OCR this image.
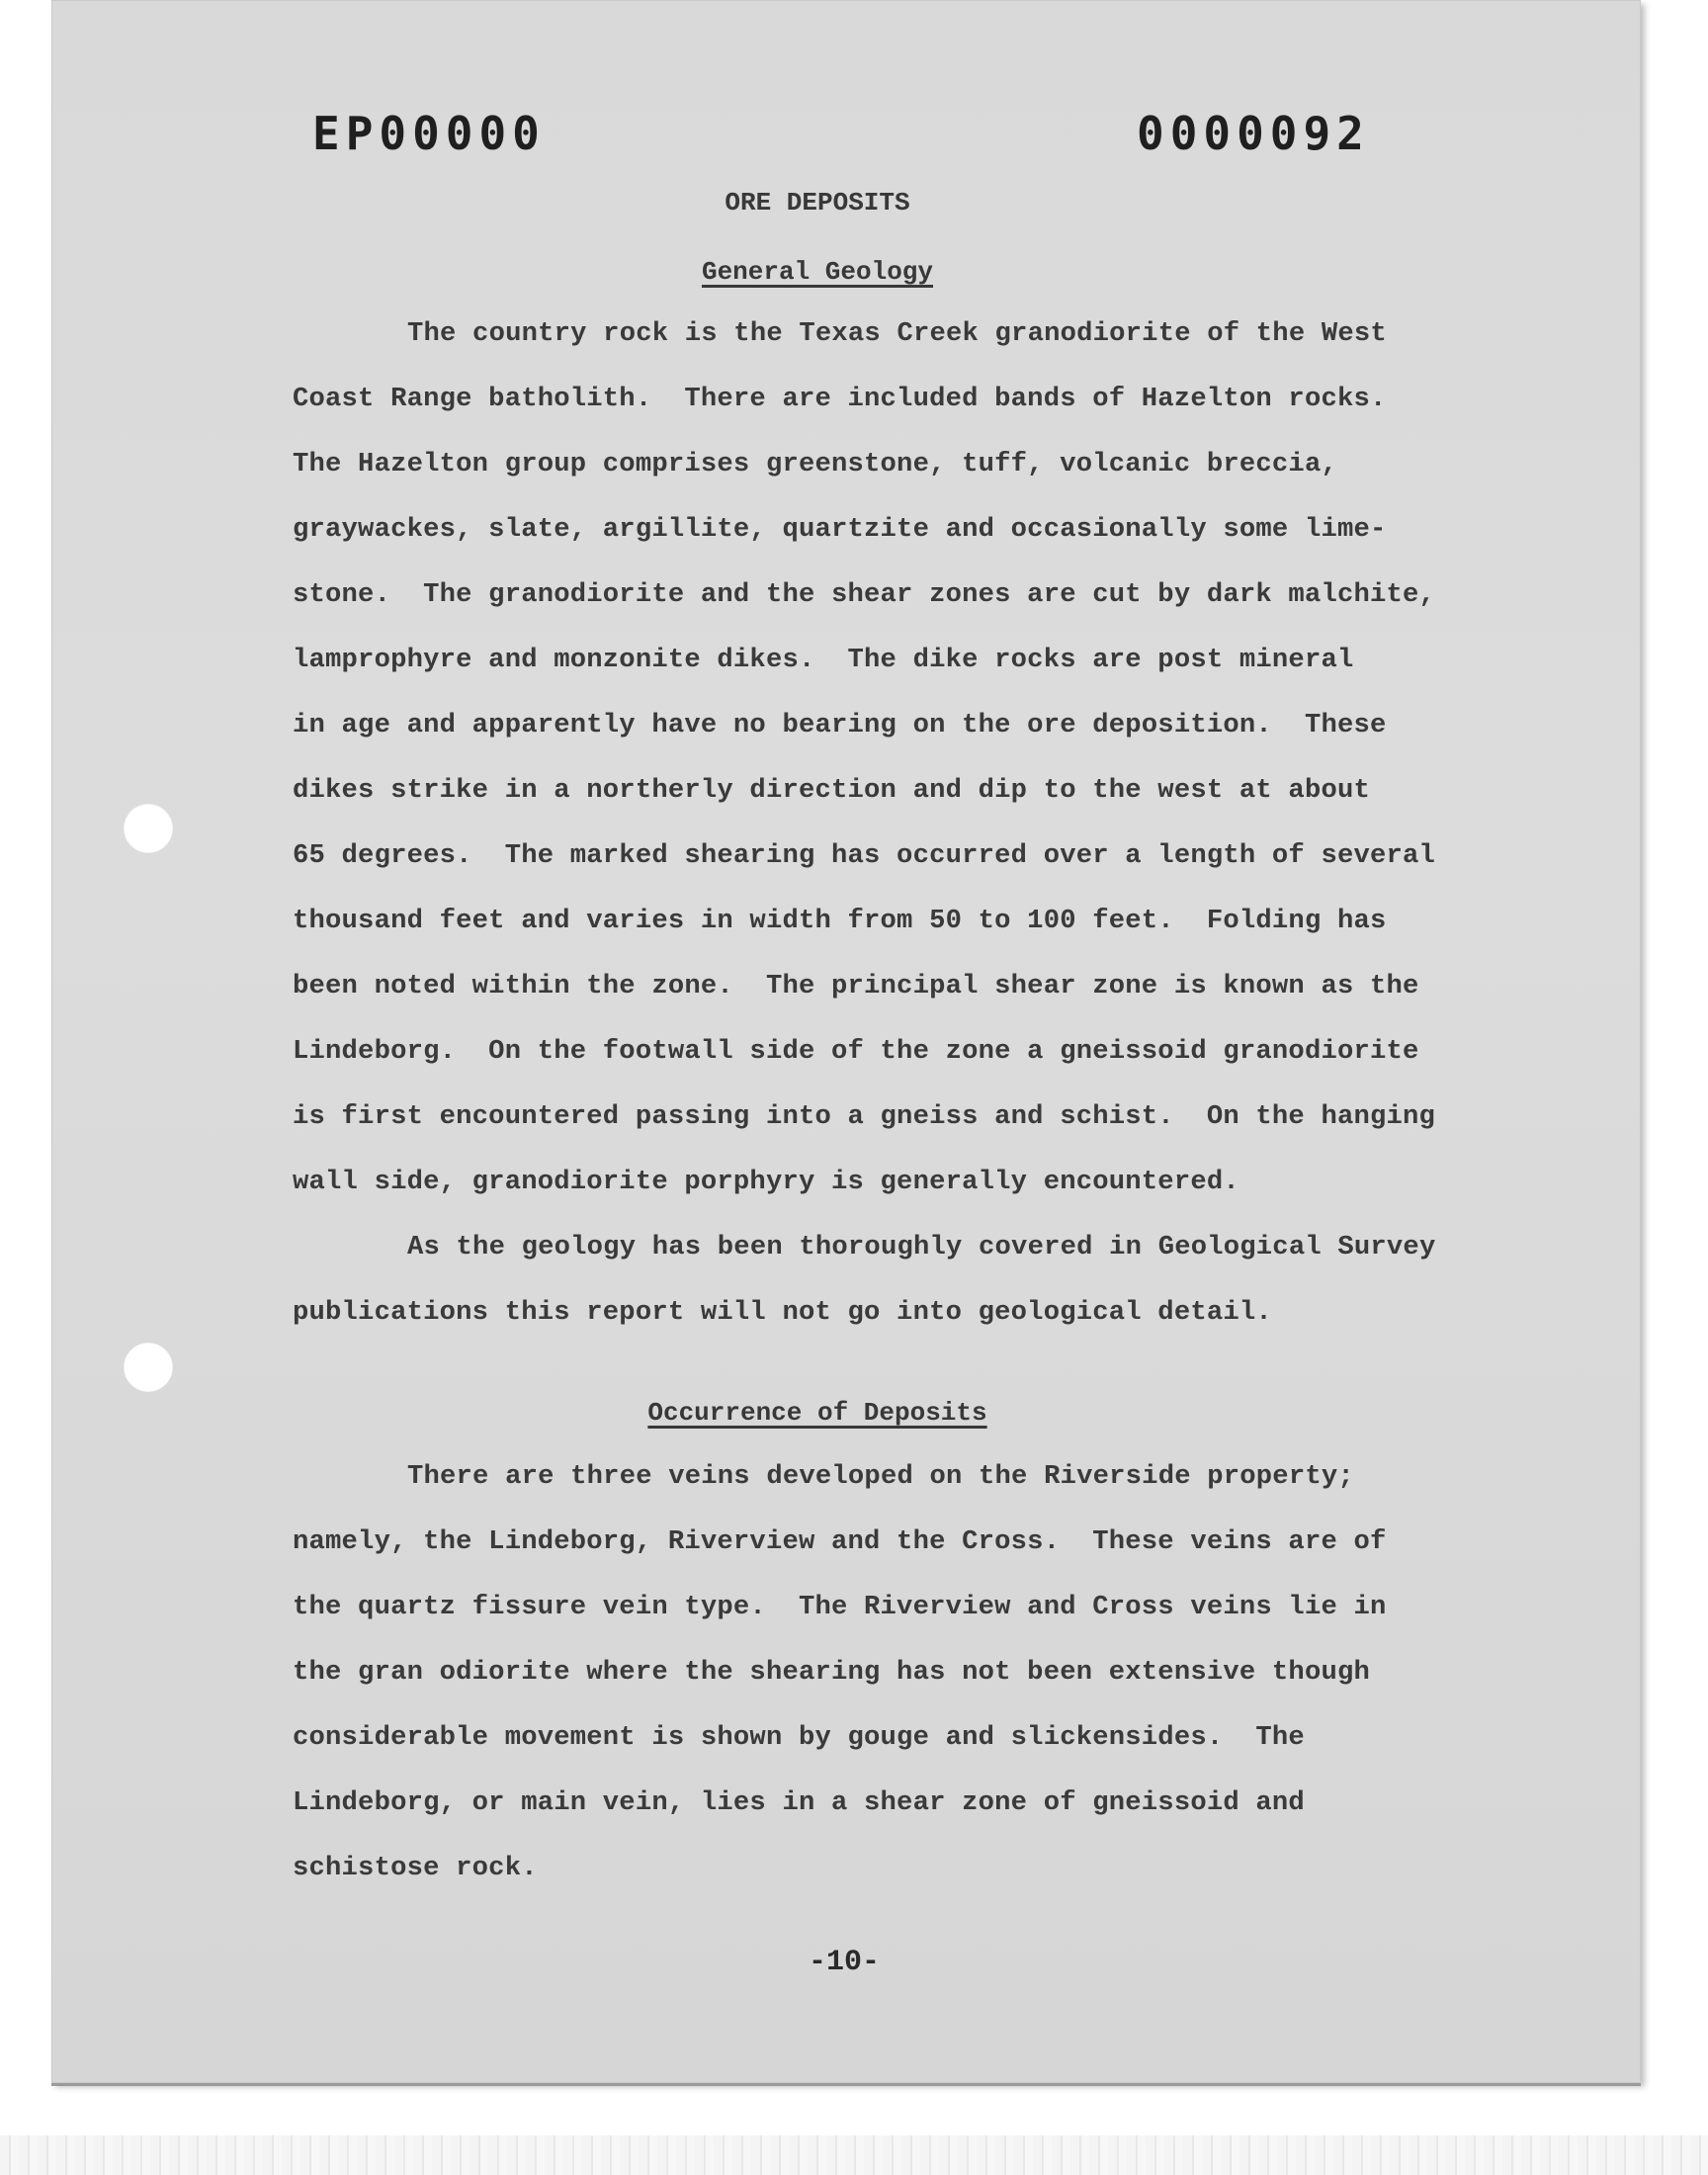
EP00000	0000092
ORE DEPOSITS
General Geology
The country rock is the Texas Creek granodiorite of the West
Coast Range batholith.  There are included bands of Hazelton rocks.
The Hazelton group comprises greenstone, tuff, volcanic breccia,
graywackes, slate, argillite, quartzite and occasionally some lime-
stone.  The granodiorite and the shear zones are cut by dark malchite,
lamprophyre and monzonite dikes.  The dike rocks are post mineral
in age and apparently have no bearing on the ore deposition.  These
dikes strike in a northerly direction and dip to the west at about
65 degrees.  The marked shearing has occurred over a length of several
thousand feet and varies in width from 50 to 100 feet.  Folding has
been noted within the zone.  The principal shear zone is known as the
Lindeborg.  On the footwall side of the zone a gneissoid granodiorite
is first encountered passing into a gneiss and schist.  On the hanging
wall side, granodiorite porphyry is generally encountered.
As the geology has been thoroughly covered in Geological Survey
publications this report will not go into geological detail.
Occurrence of Deposits
There are three veins developed on the Riverside property;
namely, the Lindeborg, Riverview and the Cross.  These veins are of
the quartz fissure vein type.  The Riverview and Cross veins lie in
the gran odiorite where the shearing has not been extensive though
considerable movement is shown by gouge and slickensides.  The
Lindeborg, or main vein, lies in a shear zone of gneissoid and
schistose rock.
-10-
